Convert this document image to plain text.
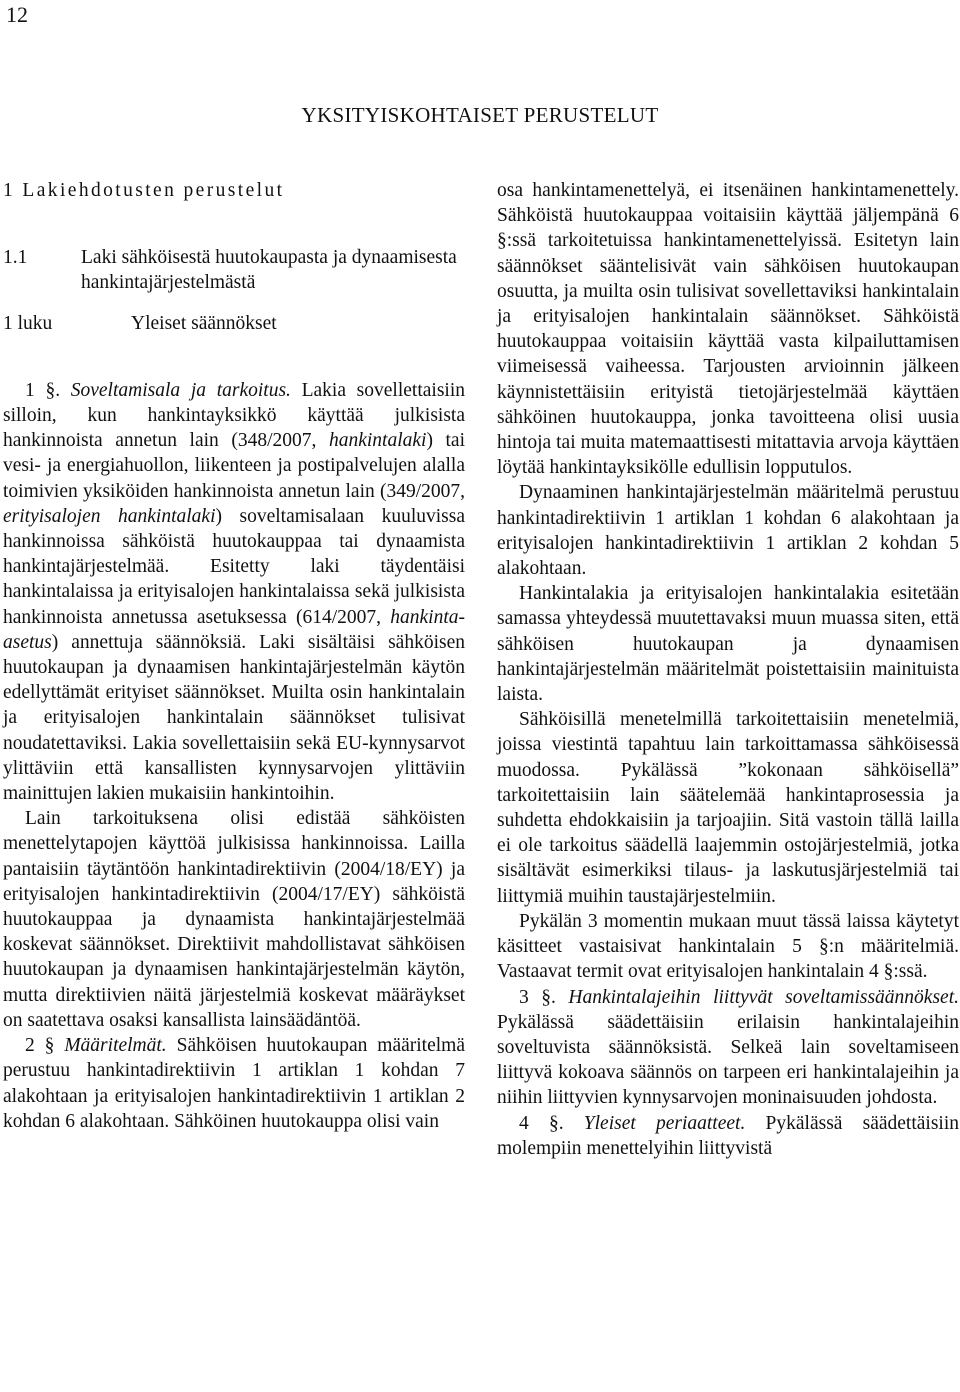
12
YKSITYISKOHTAISET PERUSTELUT
1 Lakiehdotusten perustelut
1.1	Laki sähköisestä huutokaupasta ja dynaamisesta hankintajärjestelmästä
1 luku	Yleiset säännökset

1 §. Soveltamisala ja tarkoitus. Lakia sovellettaisiin silloin, kun hankintayksikkö käyttää julkisista hankinnoista annetun lain (348/2007, hankintalaki) tai vesi- ja energiahuollon, liikenteen ja postipalvelujen alalla toimivien yksiköiden hankinnoista annetun lain (349/2007, erityisalojen hankintalaki) soveltamisalaan kuuluvissa hankinnoissa sähköistä huutokauppaa tai dynaamista hankintajärjestelmää. Esitetty laki täydentäisi hankintalaissa ja erityisalojen hankintalaissa sekä julkisista hankinnoista annetussa asetuksessa (614/2007, hankinta-asetus) annettuja säännöksiä. Laki sisältäisi sähköisen huutokaupan ja dynaamisen hankintajärjestelmän käytön edellyttämät erityiset säännökset. Muilta osin hankintalain ja erityisalojen hankintalain säännökset tulisivat noudatettaviksi. Lakia sovellettaisiin sekä EU-kynnysarvot ylittäviin että kansallisten kynnysarvojen ylittäviin mainittujen lakien mukaisiin hankintoihin.

Lain tarkoituksena olisi edistää sähköisten menettelytapojen käyttöä julkisissa hankinnoissa. Lailla pantaisiin täytäntöön hankintadirektiivin (2004/18/EY) ja erityisalojen hankintadirektiivin (2004/17/EY) sähköistä huutokauppaa ja dynaamista hankintajärjestelmää koskevat säännökset. Direktiivit mahdollistavat sähköisen huutokaupan ja dynaamisen hankintajärjestelmän käytön, mutta direktiivien näitä järjestelmiä koskevat määräykset on saatettava osaksi kansallista lainsäädäntöä.

2 § Määritelmät. Sähköisen huutokaupan määritelmä perustuu hankintadirektiivin 1 artiklan 1 kohdan 7 alakohtaan ja erityisalojen hankintadirektiivin 1 artiklan 2 kohdan 6 alakohtaan. Sähköinen huutokauppa olisi vain

osa hankintamenettelyä, ei itsenäinen hankintamenettely. Sähköistä huutokauppaa voitaisiin käyttää jäljempänä 6 §:ssä tarkoitetuissa hankintamenettelyissä. Esitetyn lain säännökset sääntelisivät vain sähköisen huutokaupan osuutta, ja muilta osin tulisivat sovellettaviksi hankintalain ja erityisalojen hankintalain säännökset. Sähköistä huutokauppaa voitaisiin käyttää vasta kilpailuttamisen viimeisessä vaiheessa. Tarjousten arvioinnin jälkeen käynnistettäisiin erityistä tietojärjestelmää käyttäen sähköinen huutokauppa, jonka tavoitteena olisi uusia hintoja tai muita matemaattisesti mitattavia arvoja käyttäen löytää hankintayksikölle edullisin lopputulos.

Dynaaminen hankintajärjestelmän määritelmä perustuu hankintadirektiivin 1 artiklan 1 kohdan 6 alakohtaan ja erityisalojen hankintadirektiivin 1 artiklan 2 kohdan 5 alakohtaan.

Hankintalakia ja erityisalojen hankintalakia esitetään samassa yhteydessä muutettavaksi muun muassa siten, että sähköisen huutokaupan ja dynaamisen hankintajärjestelmän määritelmät poistettaisiin mainituista laista.

Sähköisillä menetelmillä tarkoitettaisiin menetelmiä, joissa viestintä tapahtuu lain tarkoittamassa sähköisessä muodossa. Pykälässä ”kokonaan sähköisellä” tarkoitettaisiin lain säätelemää hankintaprosessia ja suhdetta ehdokkaisiin ja tarjoajiin. Sitä vastoin tällä lailla ei ole tarkoitus säädellä laajemmin ostojärjestelmiä, jotka sisältävät esimerkiksi tilaus- ja laskutusjärjestelmiä tai liittymiä muihin taustajärjestelmiin.

Pykälän 3 momentin mukaan muut tässä laissa käytetyt käsitteet vastaisivat hankintalain 5 §:n määritelmiä. Vastaavat termit ovat erityisalojen hankintalain 4 §:ssä.

3 §. Hankintalajeihin liittyvät soveltamissäännökset. Pykälässä säädettäisiin erilaisin hankintalajeihin soveltuvista säännöksistä. Selkeä lain soveltamiseen liittyvä kokoava säännös on tarpeen eri hankintalajeihin ja niihin liittyvien kynnysarvojen moninaisuuden johdosta.

4 §. Yleiset periaatteet. Pykälässä säädettäisiin molempiin menettelyihin liittyvistä
